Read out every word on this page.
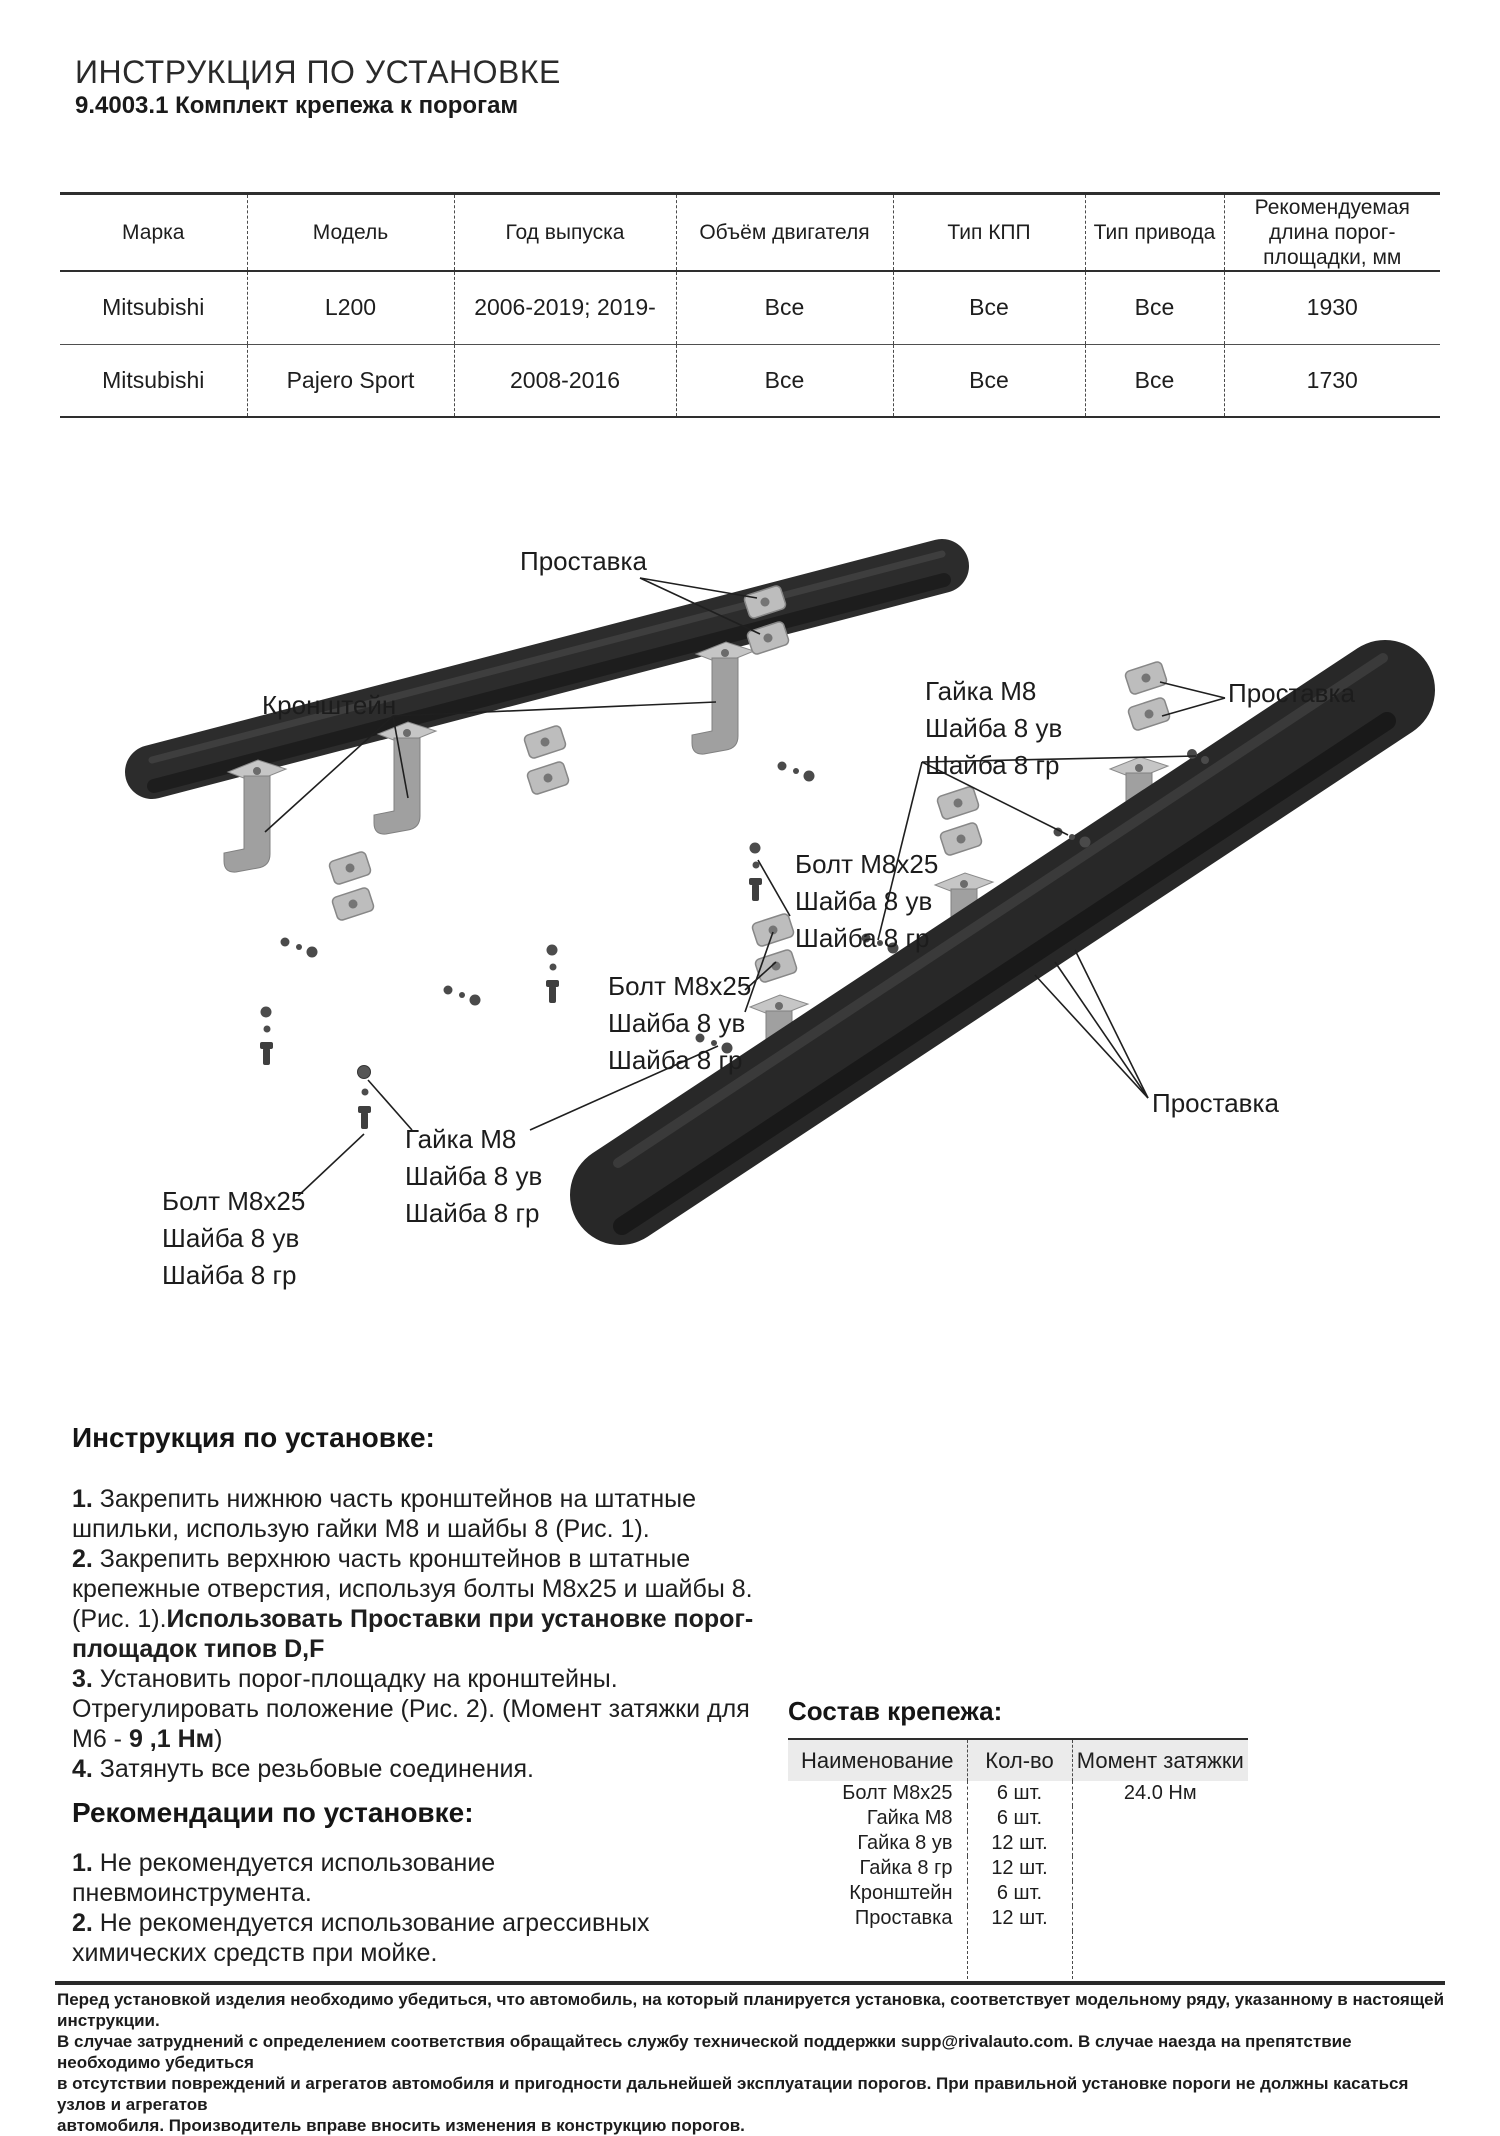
ИНСТРУКЦИЯ ПО УСТАНОВКЕ
9.4003.1 Комплект крепежа к порогам
Марка	Модель	Год выпуска	Объём двигателя	Тип КПП	Тип привода	Рекомендуемая длина порог-площадки, мм
Mitsubishi	L200	2006-2019; 2019-	Все	Все	Все	1930
Mitsubishi	Pajero Sport	2008-2016	Все	Все	Все	1730
Проставка
Кронштейн	Гайка М8
Шайба 8 ув
Шайба 8 гр
Проставка
Болт М8х25
Шайба 8 ув
Шайба 8 гр
Болт М8х25
Шайба 8 ув
Шайба 8 гр
Гайка М8
Шайба 8 ув
Шайба 8 гр
Болт М8х25
Шайба 8 ув
Шайба 8 гр
Проставка
Инструкция по установке:

1. Закрепить нижнюю часть кронштейнов на штатные
шпильки, использую гайки М8 и шайбы 8 (Рис. 1).

2. Закрепить верхнюю часть кронштейнов в штатные
крепежные отверстия, используя болты М8х25 и шайбы 8.
(Рис. 1).Использовать Проставки при установке порог-
площадок типов D,F

3. Установить порог-площадку на кронштейны.
Отрегулировать положение (Рис. 2). (Момент затяжки для
М6 - 9 ,1 Нм)

4. Затянуть все резьбовые соединения.

Рекомендации по установке:

1. Не рекомендуется использование
пневмоинструмента.

2. Не рекомендуется использование агрессивных
химических средств при мойке.

Состав крепежа:
Наименование	Кол-во	Момент затяжки
Болт М8х25	6 шт.	24.0 Нм
Гайка М8	6 шт.	
Гайка 8 ув	12 шт.	
Гайка 8 гр	12 шт.	
Кронштейн	6 шт.	
Проставка	12 шт.	

Перед установкой изделия необходимо убедиться, что автомобиль, на который планируется установка, соответствует модельному ряду, указанному в настоящей инструкции.
В случае затруднений с определением соответствия обращайтесь службу технической поддержки supp@rivalauto.com. В случае наезда на препятствие необходимо убедиться
в отсутствии повреждений и агрегатов автомобиля и пригодности дальнейшей эксплуатации порогов. При правильной установке пороги не должны касаться узлов и агрегатов
автомобиля. Производитель вправе вносить изменения в конструкцию порогов.
